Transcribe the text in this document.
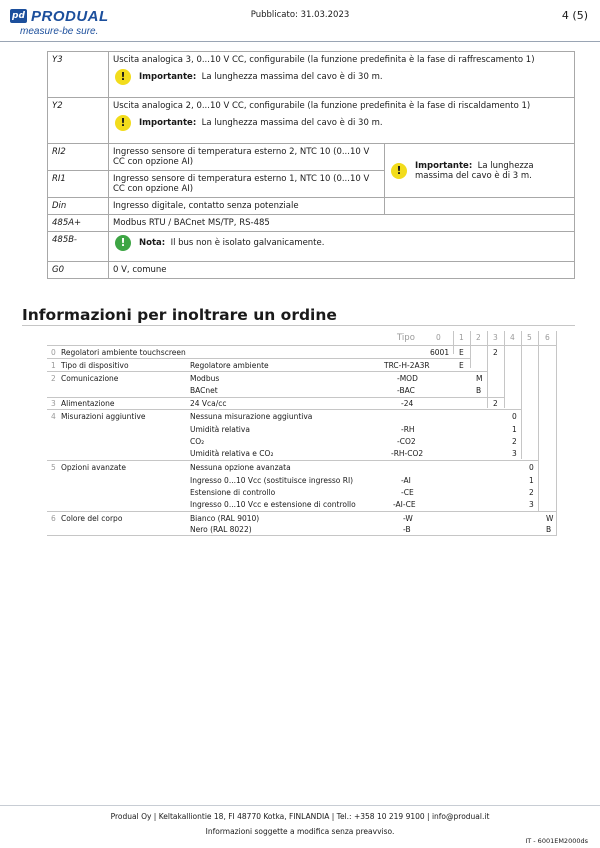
pd PRODUAL
measure-be sure.
Pubblicato: 31.03.2023	4 (5)
Y3	Uscita analogica 3, 0...10 V CC, configurabile (la funzione predefinita è la fase di raffrescamento 1)
! Importante:
La lunghezza massima del cavo è di 30 m.	

Y2	Uscita analogica 2, 0...10 V CC, configurabile (la funzione predefinita è la fase di riscaldamento 1)
! Importante:
La lunghezza massima del cavo è di 30 m.	

RI2	Ingresso sensore di temperatura esterno 2, NTC 10 (0...10 V CC con opzione AI)	! Importante: La lunghezza massima del cavo è di 3 m.

RI1	Ingresso sensore di temperatura esterno 1, NTC 10 (0...10 V CC con opzione AI)	
Din	Ingresso digitale, contatto senza potenziale	
485A+	Modbus RTU / BACnet MS/TP, RS-485	
485B-	! Nota:
Il bus non è isolato galvanicamente.	

G0	0 V, comune	
Informazioni per inoltrare un ordine
Tipo	0 1 2 3 4 5 6
0 Regolatori ambiente touchscreen	6001 E	2
1 Tipo di dispositivo	Regolatore ambiente	TRC-H-2A3R	E
2 Comunicazione	Modbus	-MOD	M
BACnet	-BAC	B
3 Alimentazione	24 Vca/cc	-24	2
4 Misurazioni aggiuntive	Nessuna misurazione aggiuntiva	0
Umidità relativa	-RH	1
CO₂	-CO2	2
Umidità relativa e CO₂	-RH-CO2	3
5 Opzioni avanzate	Nessuna opzione avanzata	0
Ingresso 0...10 Vcc (sostituisce ingresso RI)	-AI	1
Estensione di controllo	-CE	2
Ingresso 0...10 Vcc e estensione di controllo	-AI-CE	3
6 Colore del corpo	Bianco (RAL 9010)	-W	W
Nero (RAL 8022)	-B	B
Produal Oy | Keltakalliontie 18, FI 48770 Kotka, FINLANDIA | Tel.: +358 10 219 9100 | info@produal.it
Informazioni soggette a modifica senza preavviso.
IT - 6001EM2000ds
